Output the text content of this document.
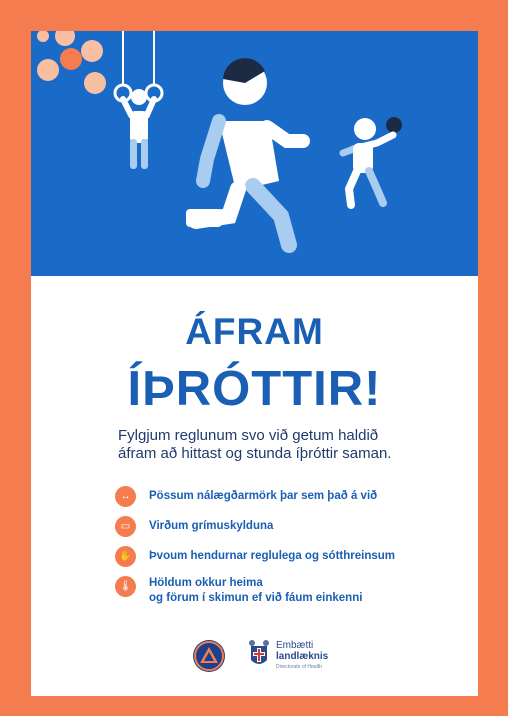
ÁFRAM
ÍÞRÓTTIR!
Fylgjum reglunum svo við getum haldið
áfram að hittast og stunda íþróttir saman.
↔	Pössum nálægðarmörk þar sem það á við
▭	Virðum grímuskylduna
✋	Þvoum hendurnar reglulega og sótthreinsum
🌡	Höldum okkur heima
og förum í skimun ef við fáum einkenni
Embætti
landlæknis
Directorate of Health
